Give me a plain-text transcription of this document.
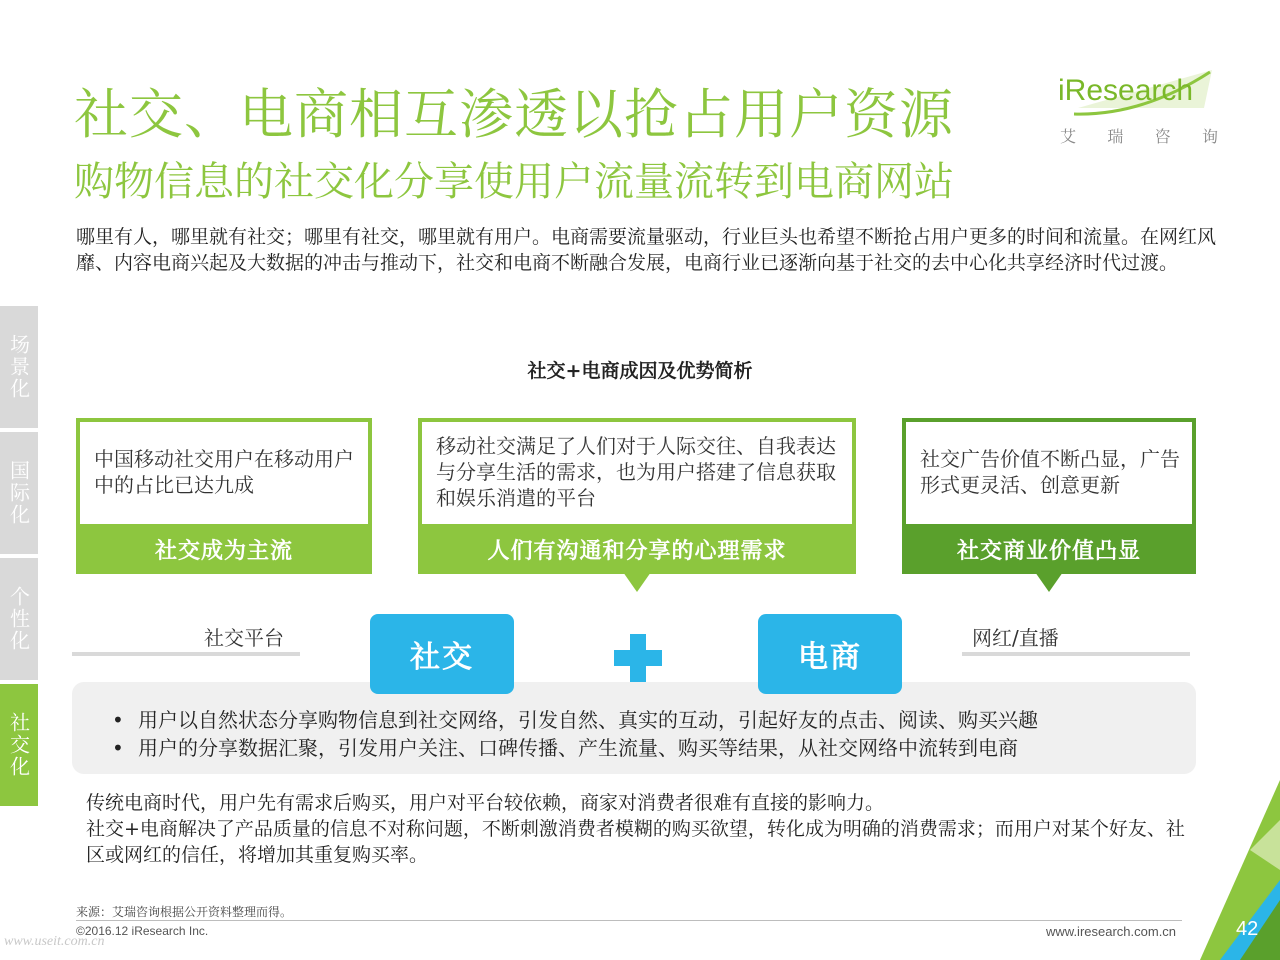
社交、电商相互渗透以抢占用户资源
购物信息的社交化分享使用户流量流转到电商网站
iResearch
艾 瑞 咨 询
哪里有人，哪里就有社交；哪里有社交，哪里就有用户。电商需要流量驱动，行业巨头也希望不断抢占用户更多的时间和流量。在网红风靡、内容电商兴起及大数据的冲击与推动下，社交和电商不断融合发展，电商行业已逐渐向基于社交的去中心化共享经济时代过渡。
场景化
国际化
个性化
社交化
社交+电商成因及优势简析
中国移动社交用户在移动用户中的占比已达九成
社交成为主流
移动社交满足了人们对于人际交往、自我表达与分享生活的需求，也为用户搭建了信息获取和娱乐消遣的平台
人们有沟通和分享的心理需求
社交广告价值不断凸显，广告形式更灵活、创意更新
社交商业价值凸显
社交平台	网红/直播
社交	电商
• 用户以自然状态分享购物信息到社交网络，引发自然、真实的互动，引起好友的点击、阅读、购买兴趣
• 用户的分享数据汇聚，引发用户关注、口碑传播、产生流量、购买等结果，从社交网络中流转到电商

传统电商时代，用户先有需求后购买，用户对平台较依赖，商家对消费者很难有直接的影响力。

社交+电商解决了产品质量的信息不对称问题，不断刺激消费者模糊的购买欲望，转化成为明确的消费需求；而用户对某个好友、社区或网红的信任，将增加其重复购买率。

来源：艾瑞咨询根据公开资料整理而得。
©2016.12 iResearch Inc.
www.useit.com.cn
www.iresearch.com.cn	42
